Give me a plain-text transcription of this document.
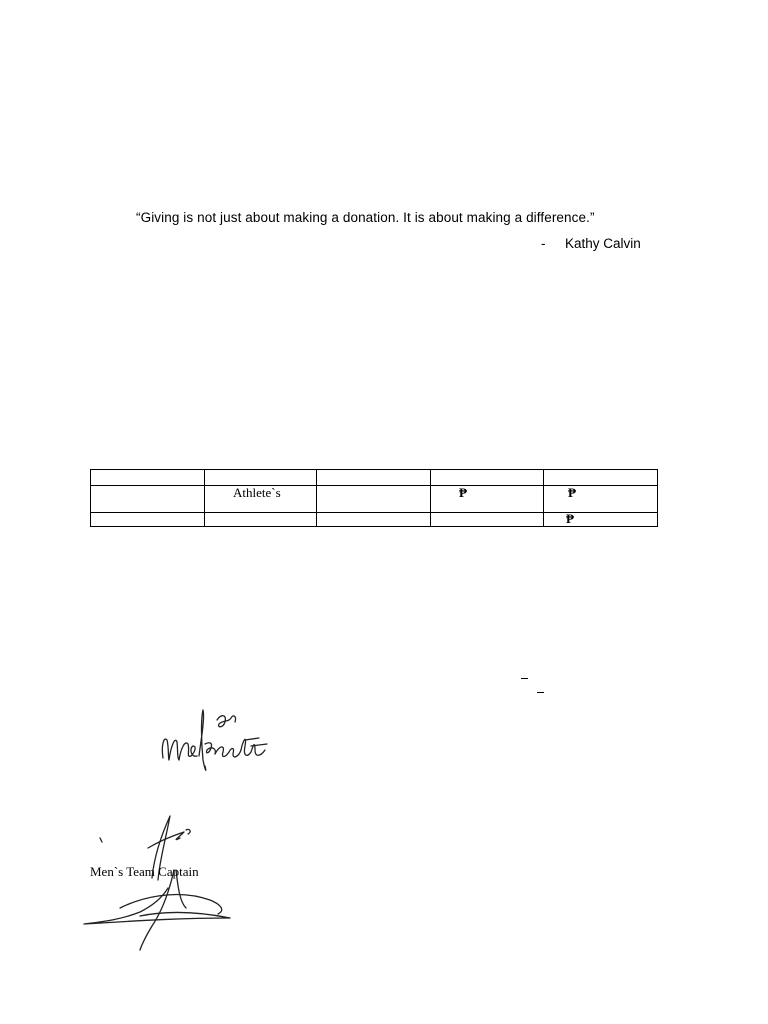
“Giving is not just about making a donation. It is about making a difference.”
- Kathy Calvin

	Athlete`s		₱	₱

				₱
Men`s Team Captain
